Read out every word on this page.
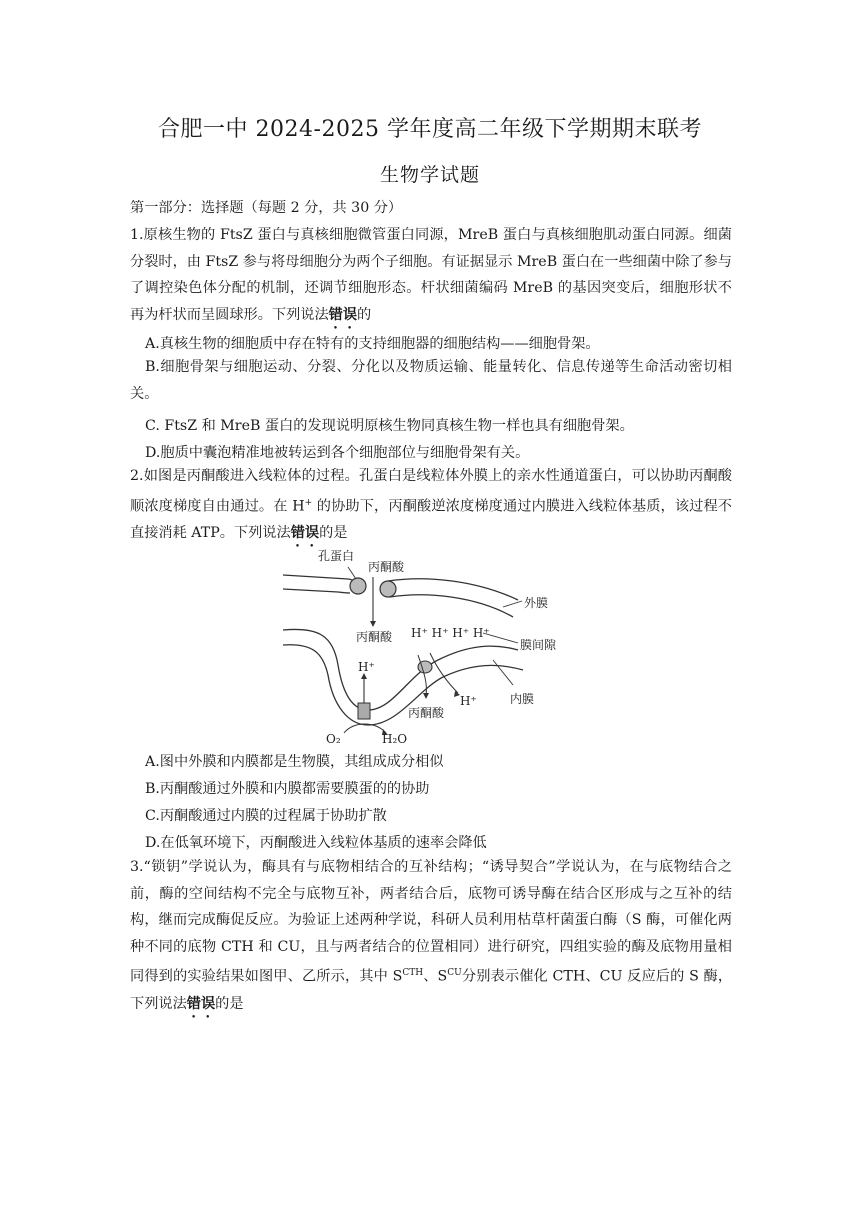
合肥一中 2024-2025 学年度高二年级下学期期末联考
生物学试题
第一部分：选择题（每题 2 分，共 30 分）
1.原核生物的 FtsZ 蛋白与真核细胞微管蛋白同源，MreB 蛋白与真核细胞肌动蛋白同源。细菌分裂时，由 FtsZ 参与将母细胞分为两个子细胞。有证据显示 MreB 蛋白在一些细菌中除了参与了调控染色体分配的机制，还调节细胞形态。杆状细菌编码 MreB 的基因突变后，细胞形状不再为杆状而呈圆球形。下列说法错误的
A.真核生物的细胞质中存在特有的支持细胞器的细胞结构——细胞骨架。
B.细胞骨架与细胞运动、分裂、分化以及物质运输、能量转化、信息传递等生命活动密切相关。
C. FtsZ 和 MreB 蛋白的发现说明原核生物同真核生物一样也具有细胞骨架。
D.胞质中囊泡精准地被转运到各个细胞部位与细胞骨架有关。
2.如图是丙酮酸进入线粒体的过程。孔蛋白是线粒体外膜上的亲水性通道蛋白，可以协助丙酮酸顺浓度梯度自由通过。在 H+ 的协助下，丙酮酸逆浓度梯度通过内膜进入线粒体基质，该过程不直接消耗 ATP。下列说法错误的是
孔蛋白
丙酮酸
外膜
丙酮酸 H⁺ H⁺ H⁺ H⁺
膜间隙
H⁺
H⁺	内膜
丙酮酸
O₂	H₂O
A.图中外膜和内膜都是生物膜，其组成成分相似
B.丙酮酸通过外膜和内膜都需要膜蛋的的协助
C.丙酮酸通过内膜的过程属于协助扩散
D.在低氧环境下，丙酮酸进入线粒体基质的速率会降低
3.“锁钥”学说认为，酶具有与底物相结合的互补结构；“诱导契合”学说认为，在与底物结合之前，酶的空间结构不完全与底物互补，两者结合后，底物可诱导酶在结合区形成与之互补的结构，继而完成酶促反应。为验证上述两种学说，科研人员利用枯草杆菌蛋白酶（S 酶，可催化两种不同的底物 CTH 和 CU，且与两者结合的位置相同）进行研究，四组实验的酶及底物用量相同得到的实验结果如图甲、乙所示，其中 $S^{CTH}$、$S^{CU}$分别表示催化 CTH、CU 反应后的 S 酶，下列说法错误的是
